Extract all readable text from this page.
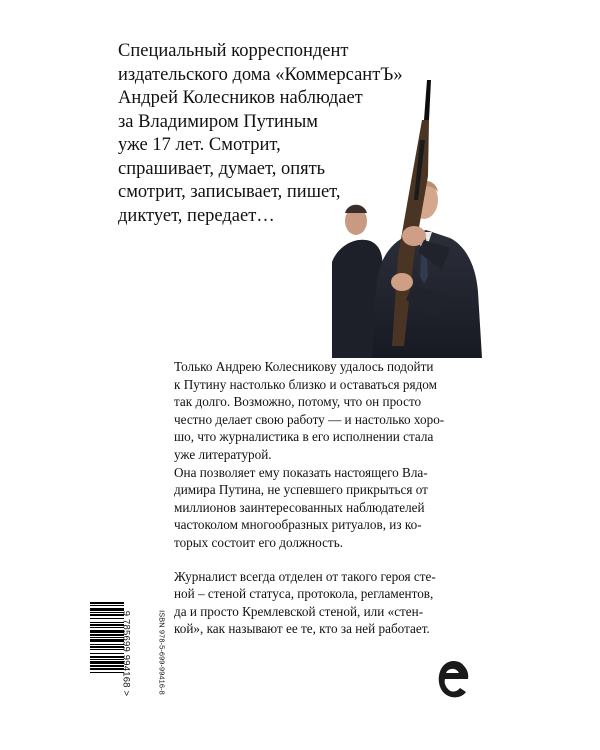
Специальный корреспондент
издательского дома «КоммерсантЪ»
Андрей Колесников наблюдает
за Владимиром Путиным
уже 17 лет. Смотрит,
спрашивает, думает, опять
смотрит, записывает, пишет,
диктует, передает…

Только Андрею Колесникову удалось подойти
к Путину настолько близко и оставаться рядом
так долго. Возможно, потому, что он просто
честно делает свою работу — и настолько хоро-
шо, что журналистика в его исполнении стала
уже литературой.

Она позволяет ему показать настоящего Вла-
димира Путина, не успевшего прикрыться от
миллионов заинтересованных наблюдателей
частоколом многообразных ритуалов, из ко-
торых состоит его должность.

Журналист всегда отделен от такого героя сте-
ной – стеной статуса, протокола, регламентов,
да и просто Кремлевской стеной, или «стен-
кой», как называют ее те, кто за ней работает.

ISBN 978-5-699-99416-8
9 785699 994168 >
